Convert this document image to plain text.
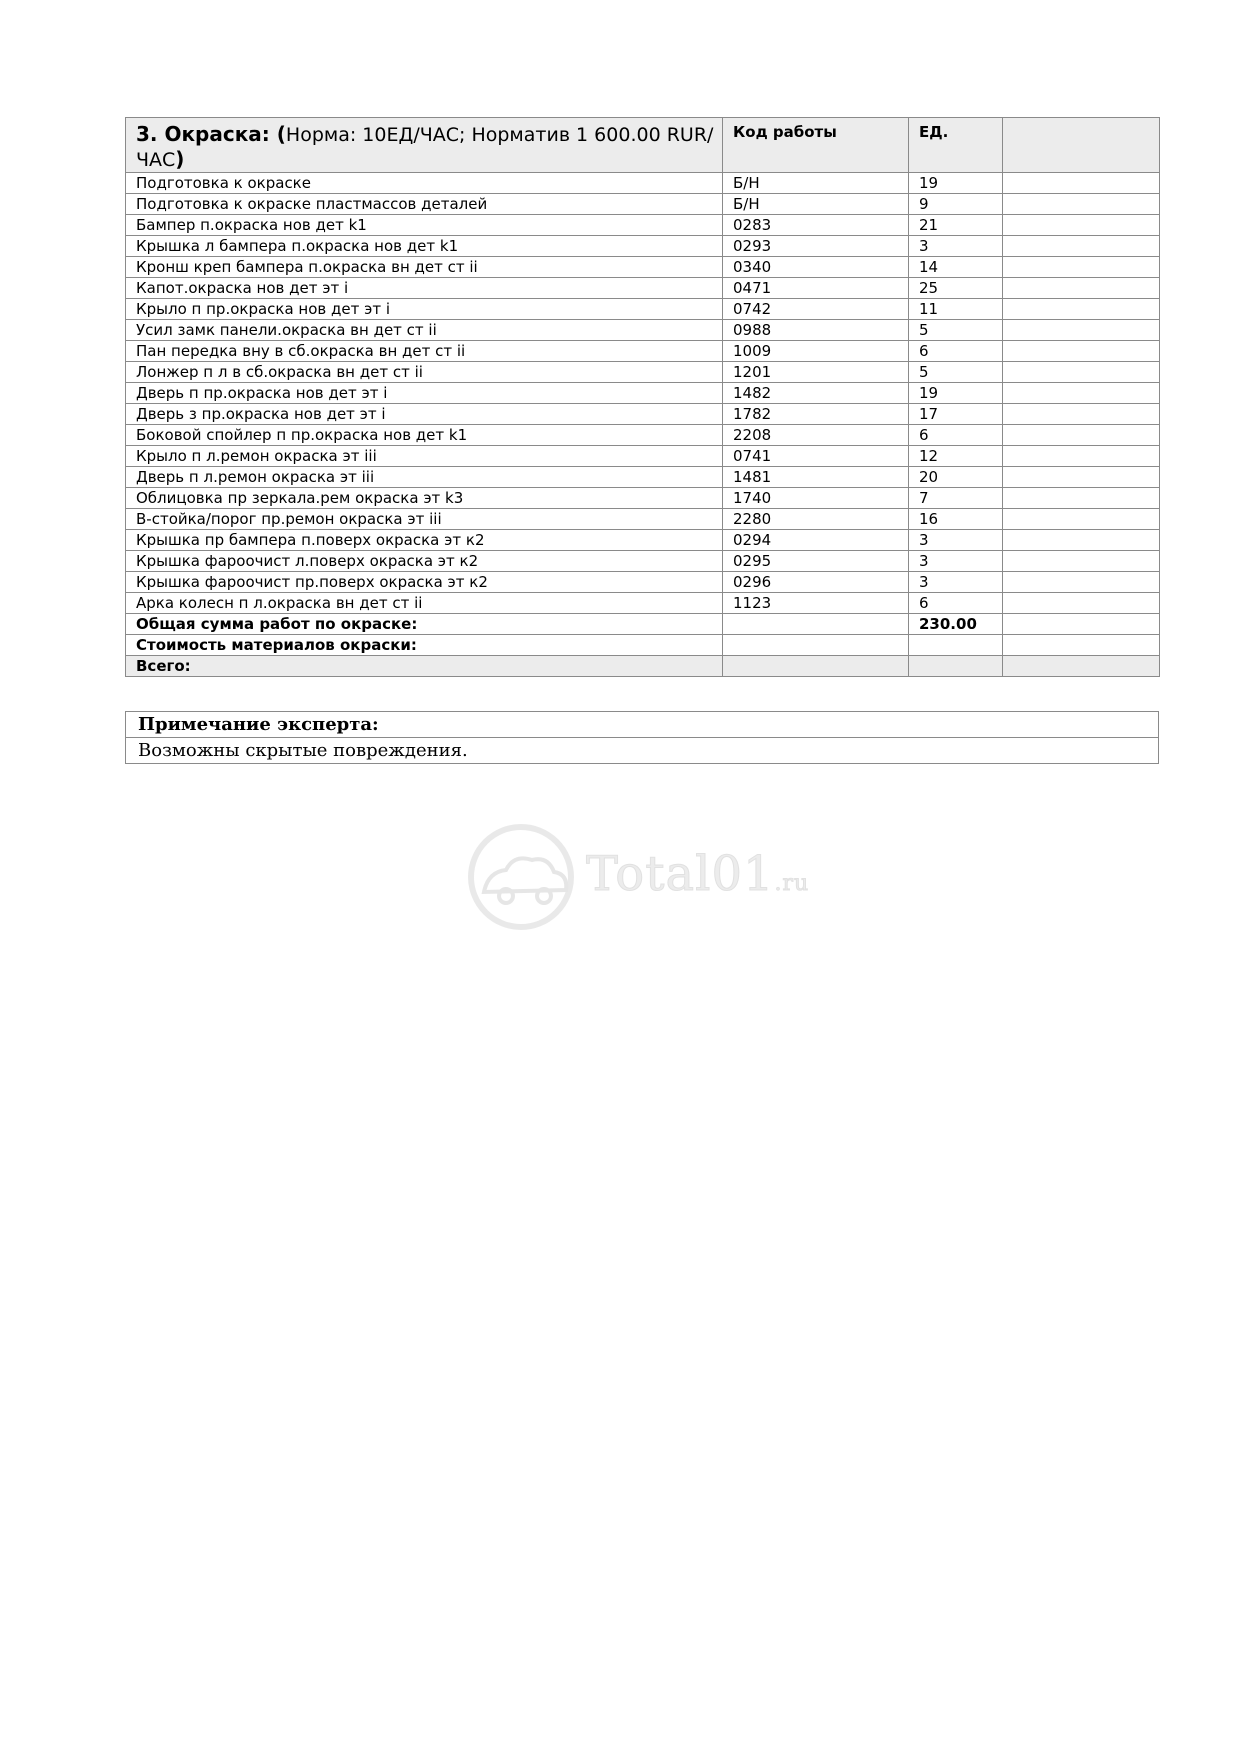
3. Окраска: (Норма: 10ЕД/ЧАС; Норматив 1 600.00 RUR/ЧАС)	Код работы	ЕД.	
Подготовка к окраске	Б/Н	19	
Подготовка к окраске пластмассов деталей	Б/Н	9	
Бампер п.окраска нов дет k1	0283	21	
Крышка л бампера п.окраска нов дет k1	0293	3	
Кронш креп бампера п.окраска вн дет ст ii	0340	14	
Капот.окраска нов дет эт i	0471	25	
Крыло п пр.окраска нов дет эт i	0742	11	
Усил замк панели.окраска вн дет ст ii	0988	5	
Пан передка вну в сб.окраска вн дет ст ii	1009	6	
Лонжер п л в сб.окраска вн дет ст ii	1201	5	
Дверь п пр.окраска нов дет эт i	1482	19	
Дверь з пр.окраска нов дет эт i	1782	17	
Боковой спойлер п пр.окраска нов дет k1	2208	6	
Крыло п л.ремон окраска эт iii	0741	12	
Дверь п л.ремон окраска эт iii	1481	20	
Облицовка пр зеркала.рем окраска эт k3	1740	7	
В-стойка/порог пр.ремон окраска эт iii	2280	16	
Крышка пр бампера п.поверх окраска эт к2	0294	3	
Крышка фароочист л.поверх окраска эт к2	0295	3	
Крышка фароочист пр.поверх окраска эт к2	0296	3	
Арка колесн п л.окраска вн дет ст ii	1123	6	
Общая сумма работ по окраске:		230.00	
Стоимость материалов окраски:			
Всего:			
Примечание эксперта:
Возможны скрытые повреждения.
Total01.ru
